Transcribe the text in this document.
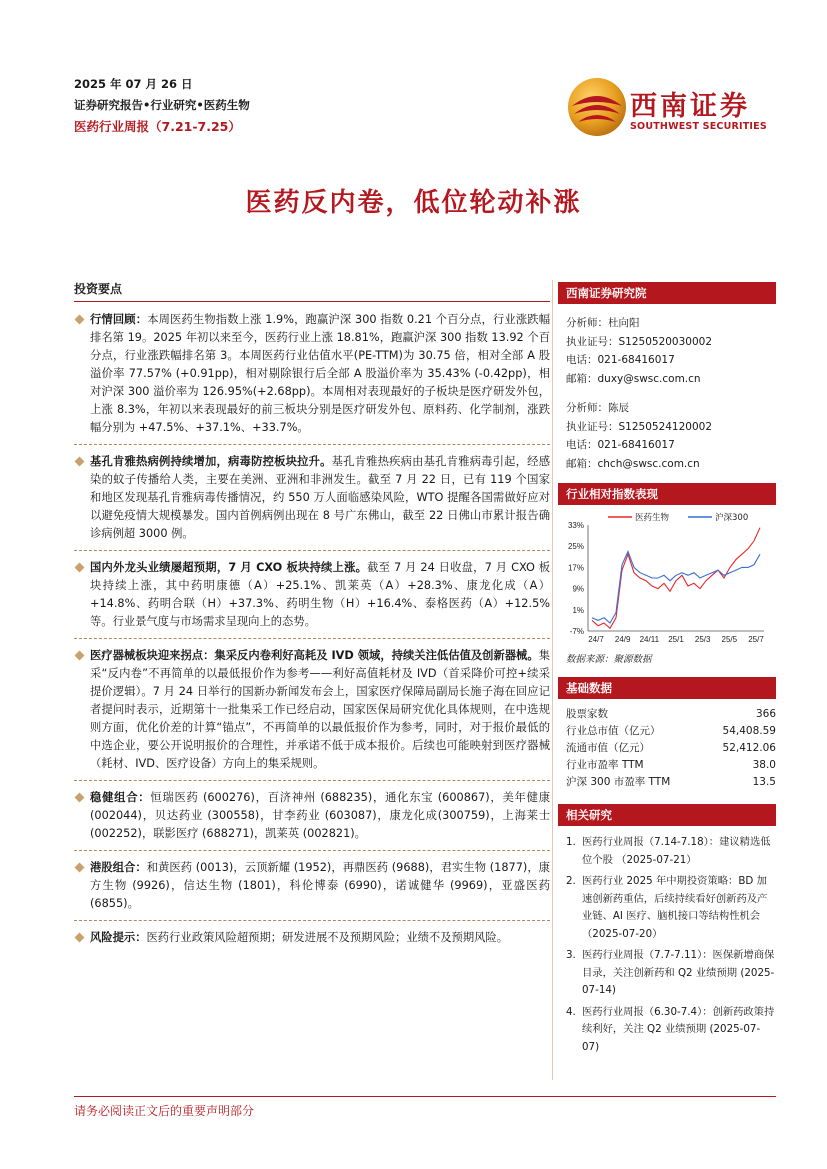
2025 年 07 月 26 日
证券研究报告•行业研究•医药生物
医药行业周报（7.21-7.25）
西南证券
SOUTHWEST SECURITIES
医药反内卷，低位轮动补涨
投资要点
行情回顾：本周医药生物指数上涨 1.9%，跑赢沪深 300 指数 0.21 个百分点，行业涨跌幅排名第 19。2025 年初以来至今，医药行业上涨 18.81%，跑赢沪深 300 指数 13.92 个百分点，行业涨跌幅排名第 3。本周医药行业估值水平(PE-TTM)为 30.75 倍，相对全部 A 股溢价率 77.57% (+0.91pp)，相对剔除银行后全部 A 股溢价率为 35.43% (-0.42pp)，相对沪深 300 溢价率为 126.95%(+2.68pp)。本周相对表现最好的子板块是医疗研发外包，上涨 8.3%，年初以来表现最好的前三板块分别是医疗研发外包、原料药、化学制剂，涨跌幅分别为 +47.5%、+37.1%、+33.7%。
基孔肯雅热病例持续增加，病毒防控板块拉升。基孔肯雅热疾病由基孔肯雅病毒引起，经感染的蚊子传播给人类，主要在美洲、亚洲和非洲发生。截至 7 月 22 日，已有 119 个国家和地区发现基孔肯雅病毒传播情况，约 550 万人面临感染风险，WTO 提醒各国需做好应对以避免疫情大规模暴发。国内首例病例出现在 8 号广东佛山，截至 22 日佛山市累计报告确诊病例超 3000 例。
国内外龙头业绩屡超预期，7 月 CXO 板块持续上涨。截至 7 月 24 日收盘，7 月 CXO 板块持续上涨，其中药明康德（A）+25.1%、凯莱英（A）+28.3%、康龙化成（A）+14.8%、药明合联（H）+37.3%、药明生物（H）+16.4%、泰格医药（A）+12.5%等。行业景气度与市场需求呈现向上的态势。
医疗器械板块迎来拐点：集采反内卷利好高耗及 IVD 领域，持续关注低估值及创新器械。集采“反内卷”不再简单的以最低报价作为参考——利好高值耗材及 IVD（首采降价可控+续采提价逻辑）。7 月 24 日举行的国新办新闻发布会上，国家医疗保障局副局长施子海在回应记者提问时表示，近期第十一批集采工作已经启动，国家医保局研究优化具体规则，在中选规则方面，优化价差的计算“锚点”，不再简单的以最低报价作为参考，同时，对于报价最低的中选企业，要公开说明报价的合理性，并承诺不低于成本报价。后续也可能映射到医疗器械（耗材、IVD、医疗设备）方向上的集采规则。
稳健组合：恒瑞医药 (600276)，百济神州 (688235)，通化东宝 (600867)，美年健康 (002044)，贝达药业 (300558)，甘李药业 (603087)，康龙化成(300759)，上海莱士 (002252)，联影医疗 (688271)，凯莱英 (002821)。
港股组合：和黄医药 (0013)，云顶新耀 (1952)，再鼎医药 (9688)，君实生物 (1877)，康方生物 (9926)，信达生物 (1801)，科伦博泰 (6990)，诺诚健华 (9969)，亚盛医药 (6855)。
风险提示：医药行业政策风险超预期；研发进展不及预期风险；业绩不及预期风险。
西南证券研究院
分析师：杜向阳
执业证号：S1250520030002
电话：021-68416017
邮箱：duxy@swsc.com.cn
分析师：陈辰
执业证号：S1250524120002
电话：021-68416017
邮箱：chch@swsc.com.cn
行业相对指数表现
33%
25%
17%
9%
1%
-7%
24/7 24/9 24/11 25/1 25/3 25/5 25/7
医药生物	沪深300
数据来源：聚源数据
基础数据
股票家数	366
行业总市值（亿元）	54,408.59
流通市值（亿元）	52,412.06
行业市盈率 TTM	38.0
沪深 300 市盈率 TTM	13.5
相关研究
1. 医药行业周报（7.14-7.18）：建议精选低位个股 （2025-07-21）
2. 医药行业 2025 年中期投资策略：BD 加速创新药重估，后续持续看好创新药及产业链、AI 医疗、脑机接口等结构性机会 （2025-07-20）
3. 医药行业周报（7.7-7.11）：医保新增商保目录，关注创新药和 Q2 业绩预期 (2025-07-14)
4. 医药行业周报（6.30-7.4）：创新药政策持续利好，关注 Q2 业绩预期 (2025-07-07)
请务必阅读正文后的重要声明部分
